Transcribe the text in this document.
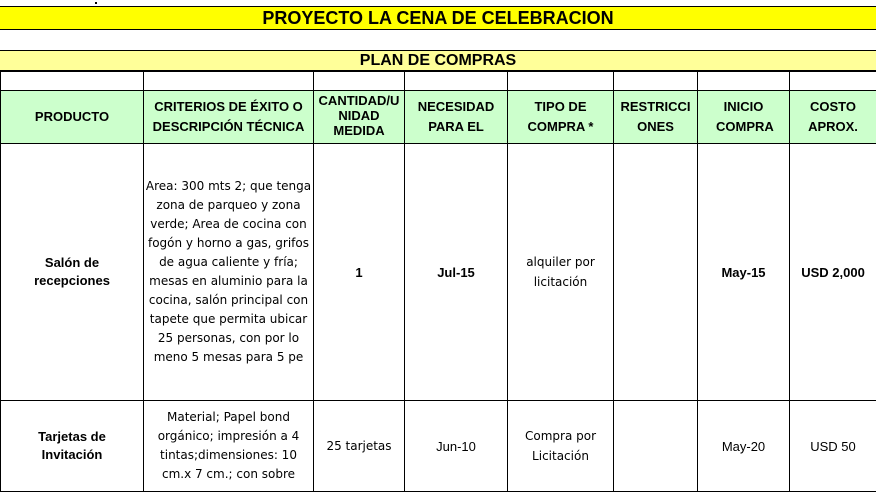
PROYECTO LA CENA DE CELEBRACION
PLAN DE COMPRAS

PRODUCTO	CRITERIOS DE ÉXITO O DESCRIPCIÓN TÉCNICA	CANTIDAD/U NIDAD MEDIDA	NECESIDAD PARA EL	TIPO DE COMPRA *	RESTRICCI ONES	INICIO COMPRA	COSTO APROX.
Salón de recepciones	Area: 300 mts 2; que tenga zona de parqueo y zona verde; Area de cocina con fogón y horno a gas, grifos de agua caliente y fría; mesas en aluminio para la cocina, salón principal con tapete que permita ubicar 25 personas, con por lo meno 5 mesas para 5 pe	1	Jul-15	alquiler por licitación		May-15	USD 2,000
Tarjetas de Invitación	Material; Papel bond orgánico; impresión a 4 tintas;dimensiones: 10 cm.x 7 cm.; con sobre	25 tarjetas	Jun-10	Compra por Licitación		May-20	USD 50
